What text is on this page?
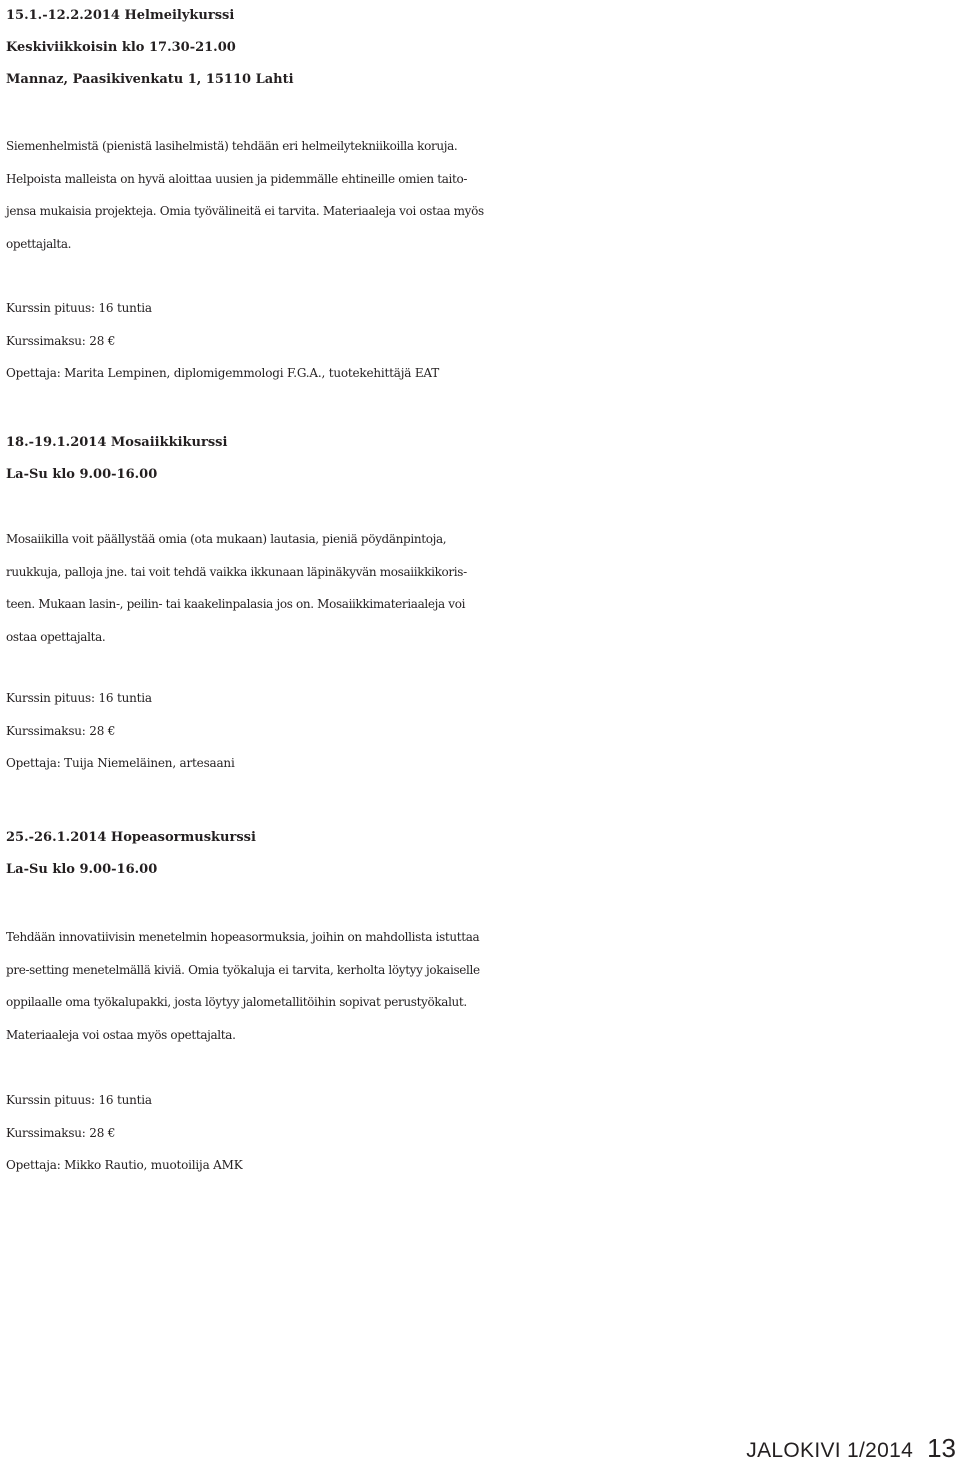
15.1.-12.2.2014 Helmeilykurssi
Keskiviikkoisin klo 17.30-21.00
Mannaz, Paasikivenkatu 1, 15110 Lahti
Siemenhelmistä (pienistä lasihelmistä) tehdään eri helmeilytekniikoilla koruja.
Helpoista malleista on hyvä aloittaa uusien ja pidemmälle ehtineille omien taito-
jensa mukaisia projekteja. Omia työvälineitä ei tarvita. Materiaaleja voi ostaa myös
opettajalta.
Kurssin pituus: 16 tuntia
Kurssimaksu: 28 €
Opettaja: Marita Lempinen, diplomigemmologi F.G.A., tuotekehittäjä EAT
18.-19.1.2014 Mosaiikkikurssi
La-Su klo 9.00-16.00
Mosaiikilla voit päällystää omia (ota mukaan) lautasia, pieniä pöydänpintoja,
ruukkuja, palloja jne. tai voit tehdä vaikka ikkunaan läpinäkyvän mosaiikkikoris-
teen. Mukaan lasin-, peilin- tai kaakelinpalasia jos on. Mosaiikkimateriaaleja voi
ostaa opettajalta.
Kurssin pituus: 16 tuntia
Kurssimaksu: 28 €
Opettaja: Tuija Niemeläinen, artesaani
25.-26.1.2014 Hopeasormuskurssi
La-Su klo 9.00-16.00
Tehdään innovatiivisin menetelmin hopeasormuksia, joihin on mahdollista istuttaa
pre-setting menetelmällä kiviä. Omia työkaluja ei tarvita, kerholta löytyy jokaiselle
oppilaalle oma työkalupakki, josta löytyy jalometallitöihin sopivat perustyökalut.
Materiaaleja voi ostaa myös opettajalta.
Kurssin pituus: 16 tuntia
Kurssimaksu: 28 €
Opettaja: Mikko Rautio, muotoilija AMK
JALOKIVI 1/2014 13
